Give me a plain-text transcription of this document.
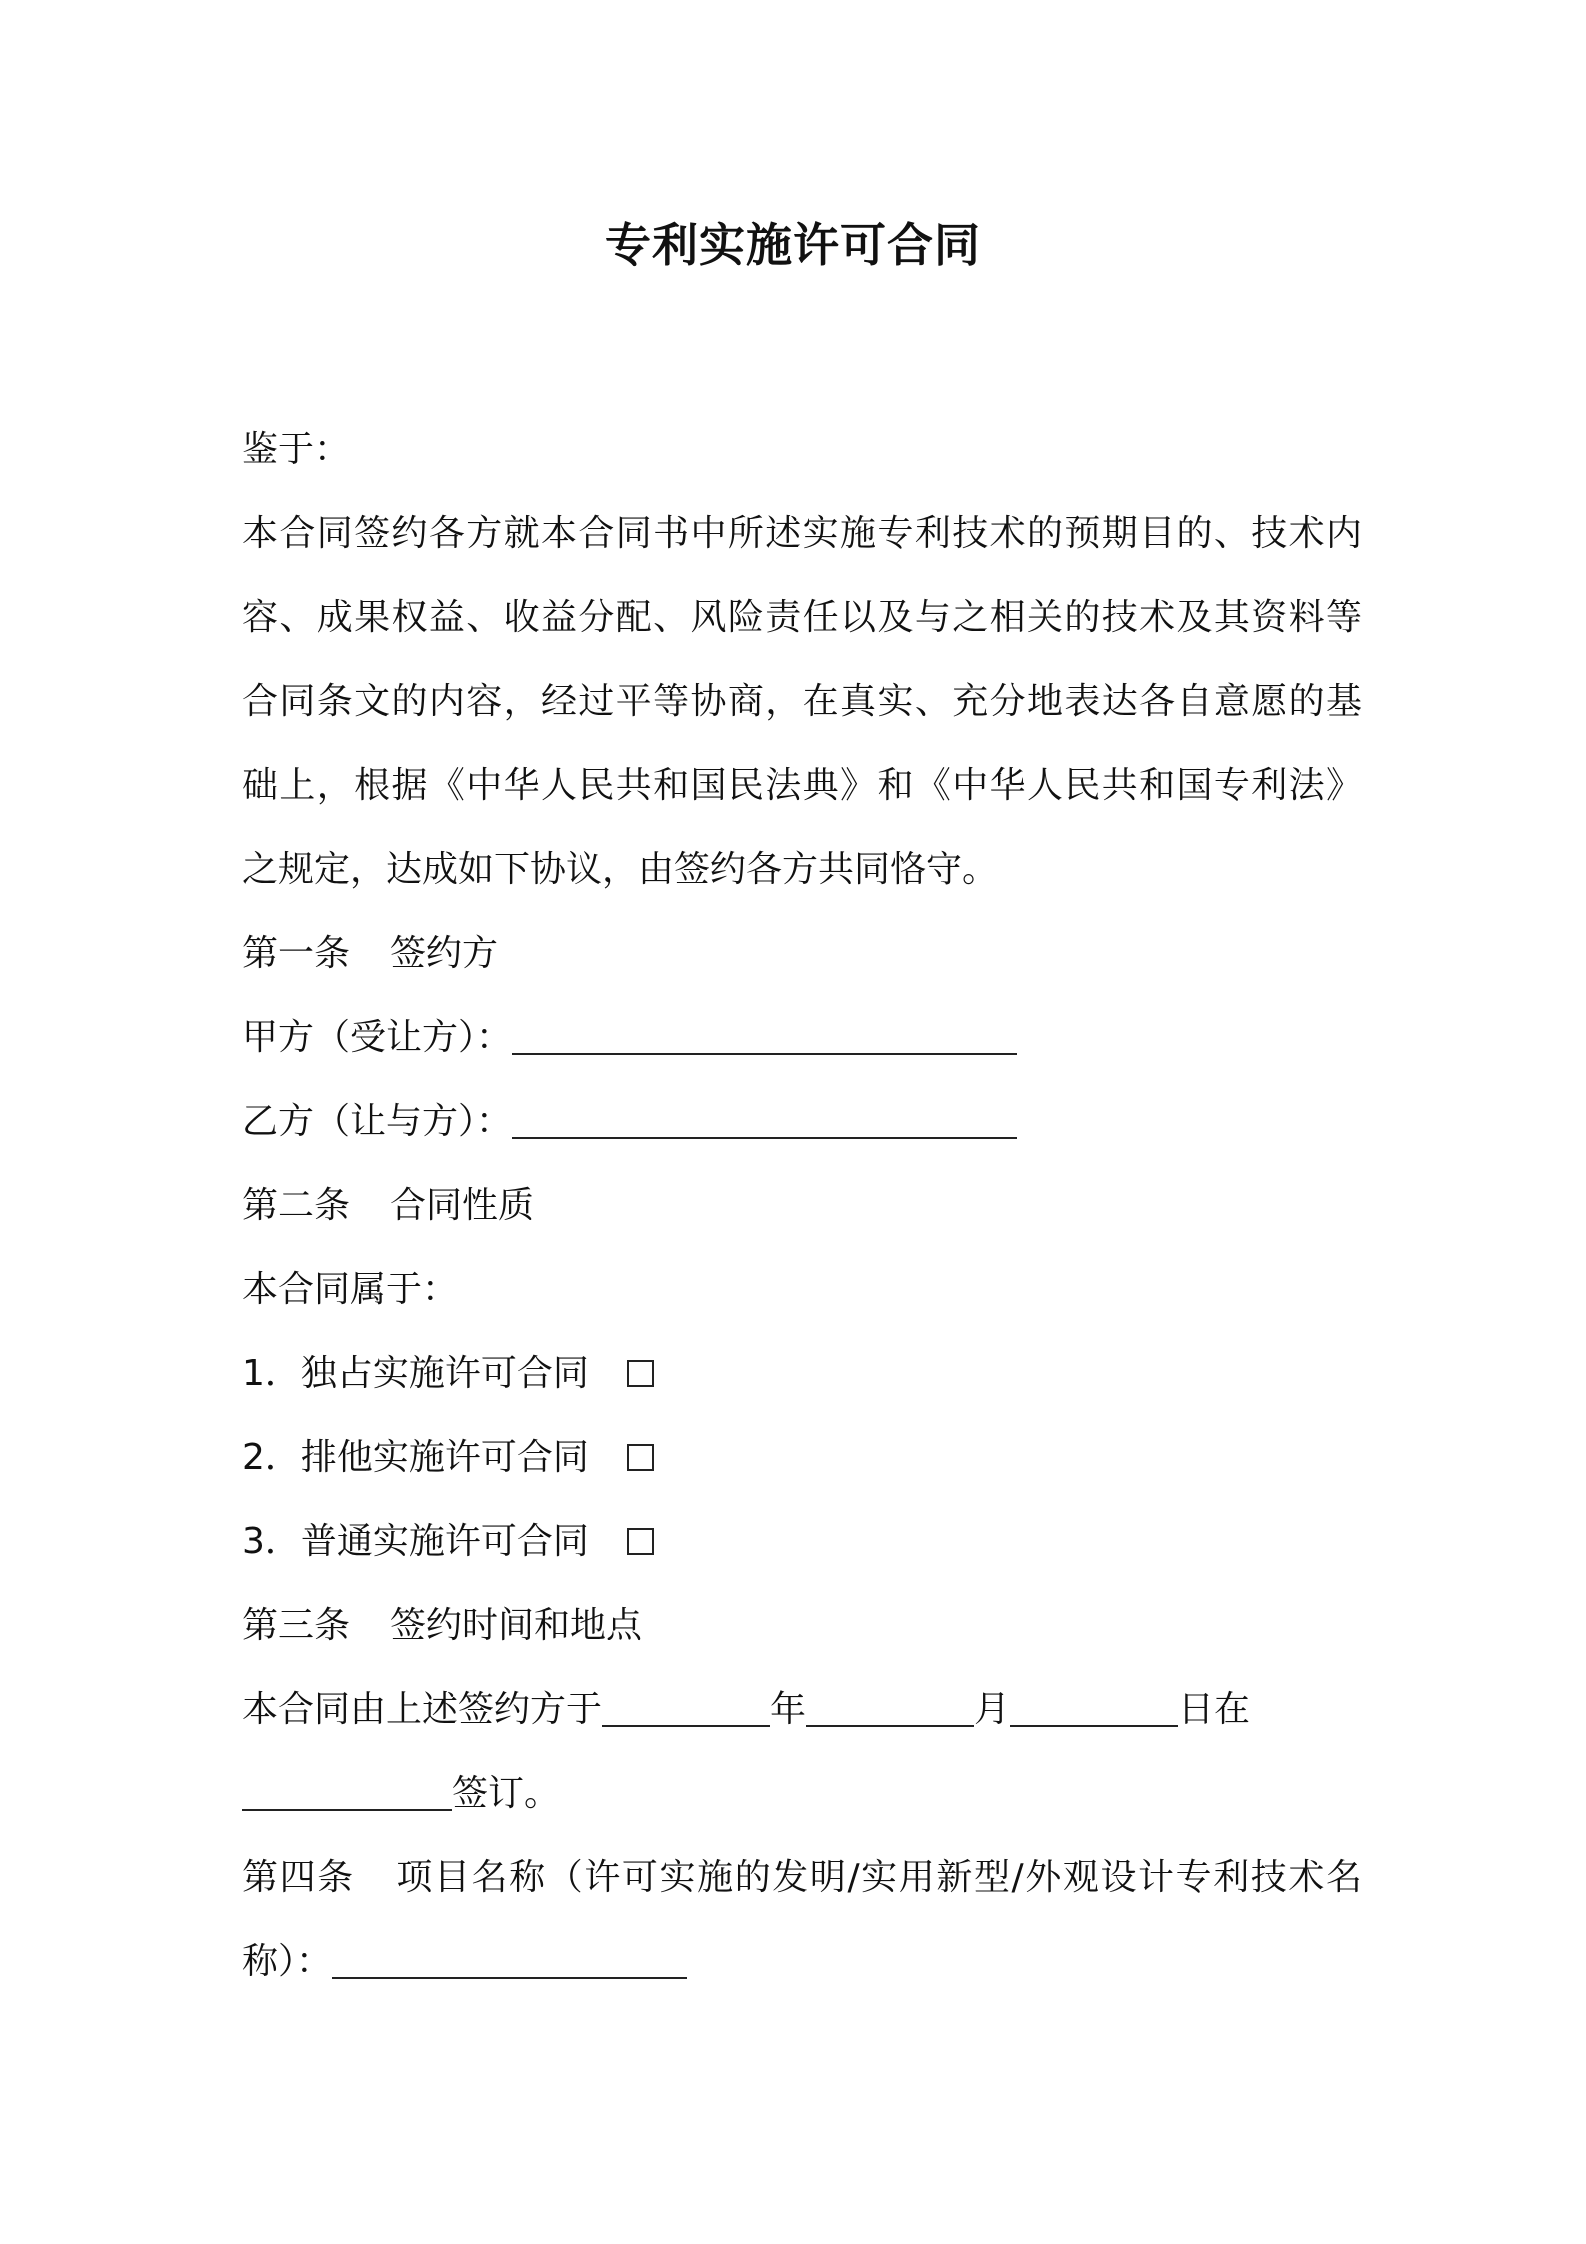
专利实施许可合同
鉴于：
本合同签约各方就本合同书中所述实施专利技术的预期目的、技术内
容、成果权益、收益分配、风险责任以及与之相关的技术及其资料等
合同条文的内容，经过平等协商，在真实、充分地表达各自意愿的基
础上，根据《中华人民共和国民法典》和《中华人民共和国专利法》
之规定，达成如下协议，由签约各方共同恪守。
第一条 签约方
甲方（受让方）：
乙方（让与方）：
第二条 合同性质
本合同属于：
1．独占实施许可合同
2．排他实施许可合同
3．普通实施许可合同
第三条 签约时间和地点
本合同由上述签约方于	年	月	日在
签订。
第四条 项目名称（许可实施的发明/实用新型/外观设计专利技术名
称）：
